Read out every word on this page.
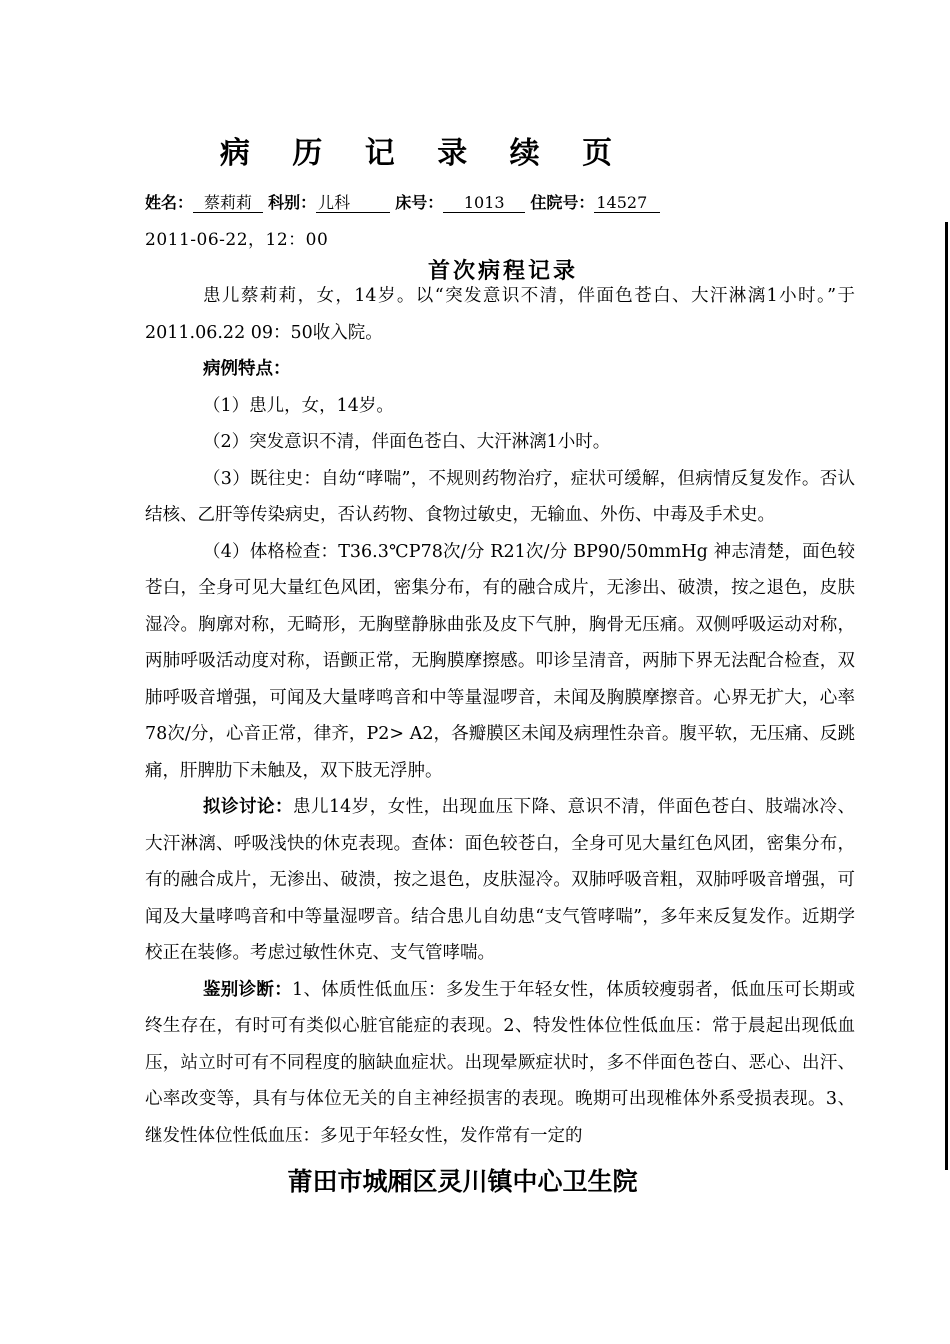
病 历 记 录 续 页
姓名： 蔡莉莉 科别： 儿科	床号： 1013 住院号： 14527
2011-06-22，12：00
首次病程记录

患儿蔡莉莉，女，14岁。以“突发意识不清，伴面色苍白、大汗淋漓1小时。”于2011.06.22 09：50收入院。

病例特点：

（1）患儿，女，14岁。

（2）突发意识不清，伴面色苍白、大汗淋漓1小时。

（3）既往史：自幼“哮喘”，不规则药物治疗，症状可缓解，但病情反复发作。否认结核、乙肝等传染病史，否认药物、食物过敏史，无输血、外伤、中毒及手术史。

（4）体格检查：T36.3℃P78次/分 R21次/分 BP90/50mmHg 神志清楚，面色较苍白，全身可见大量红色风团，密集分布，有的融合成片，无渗出、破溃，按之退色，皮肤湿冷。胸廓对称，无畸形，无胸壁静脉曲张及皮下气肿，胸骨无压痛。双侧呼吸运动对称，两肺呼吸活动度对称，语颤正常，无胸膜摩擦感。叩诊呈清音，两肺下界无法配合检查，双肺呼吸音增强，可闻及大量哮鸣音和中等量湿啰音，未闻及胸膜摩擦音。心界无扩大，心率78次/分，心音正常，律齐，P2> A2，各瓣膜区未闻及病理性杂音。腹平软，无压痛、反跳痛，肝脾肋下未触及，双下肢无浮肿。

拟诊讨论：患儿14岁，女性，出现血压下降、意识不清，伴面色苍白、肢端冰冷、大汗淋漓、呼吸浅快的休克表现。查体：面色较苍白，全身可见大量红色风团，密集分布，有的融合成片，无渗出、破溃，按之退色，皮肤湿冷。双肺呼吸音粗，双肺呼吸音增强，可闻及大量哮鸣音和中等量湿啰音。结合患儿自幼患“支气管哮喘”，多年来反复发作。近期学校正在装修。考虑过敏性休克、支气管哮喘。

鉴别诊断：1、体质性低血压：多发生于年轻女性，体质较瘦弱者，低血压可长期或终生存在，有时可有类似心脏官能症的表现。2、特发性体位性低血压：常于晨起出现低血压，站立时可有不同程度的脑缺血症状。出现晕厥症状时，多不伴面色苍白、恶心、出汗、心率改变等，具有与体位无关的自主神经损害的表现。晚期可出现椎体外系受损表现。3、继发性体位性低血压：多见于年轻女性，发作常有一定的

莆田市城厢区灵川镇中心卫生院
